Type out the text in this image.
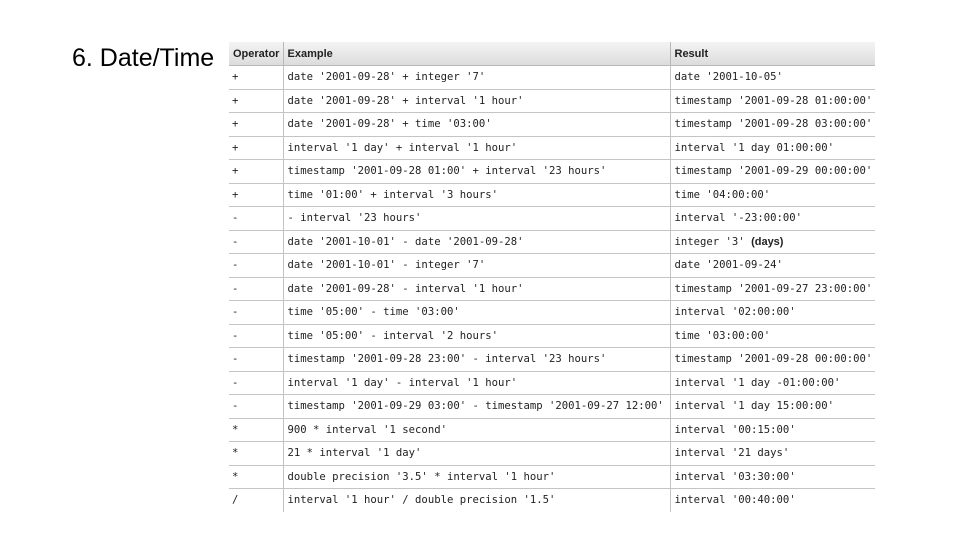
6. Date/Time Operator	Example	Result
+	date '2001-09-28' + integer '7'	date '2001-10-05'
+	date '2001-09-28' + interval '1 hour'	timestamp '2001-09-28 01:00:00'
+	date '2001-09-28' + time '03:00'	timestamp '2001-09-28 03:00:00'
+	interval '1 day' + interval '1 hour'	interval '1 day 01:00:00'
+	timestamp '2001-09-28 01:00' + interval '23 hours'	timestamp '2001-09-29 00:00:00'
+	time '01:00' + interval '3 hours'	time '04:00:00'
-	- interval '23 hours'	interval '-23:00:00'
-	date '2001-10-01' - date '2001-09-28'	integer '3' (days)
-	date '2001-10-01' - integer '7'	date '2001-09-24'
-	date '2001-09-28' - interval '1 hour'	timestamp '2001-09-27 23:00:00'
-	time '05:00' - time '03:00'	interval '02:00:00'
-	time '05:00' - interval '2 hours'	time '03:00:00'
-	timestamp '2001-09-28 23:00' - interval '23 hours'	timestamp '2001-09-28 00:00:00'
-	interval '1 day' - interval '1 hour'	interval '1 day -01:00:00'
-	timestamp '2001-09-29 03:00' - timestamp '2001-09-27 12:00'	interval '1 day 15:00:00'
*	900 * interval '1 second'	interval '00:15:00'
*	21 * interval '1 day'	interval '21 days'
*	double precision '3.5' * interval '1 hour'	interval '03:30:00'
/	interval '1 hour' / double precision '1.5'	interval '00:40:00'
